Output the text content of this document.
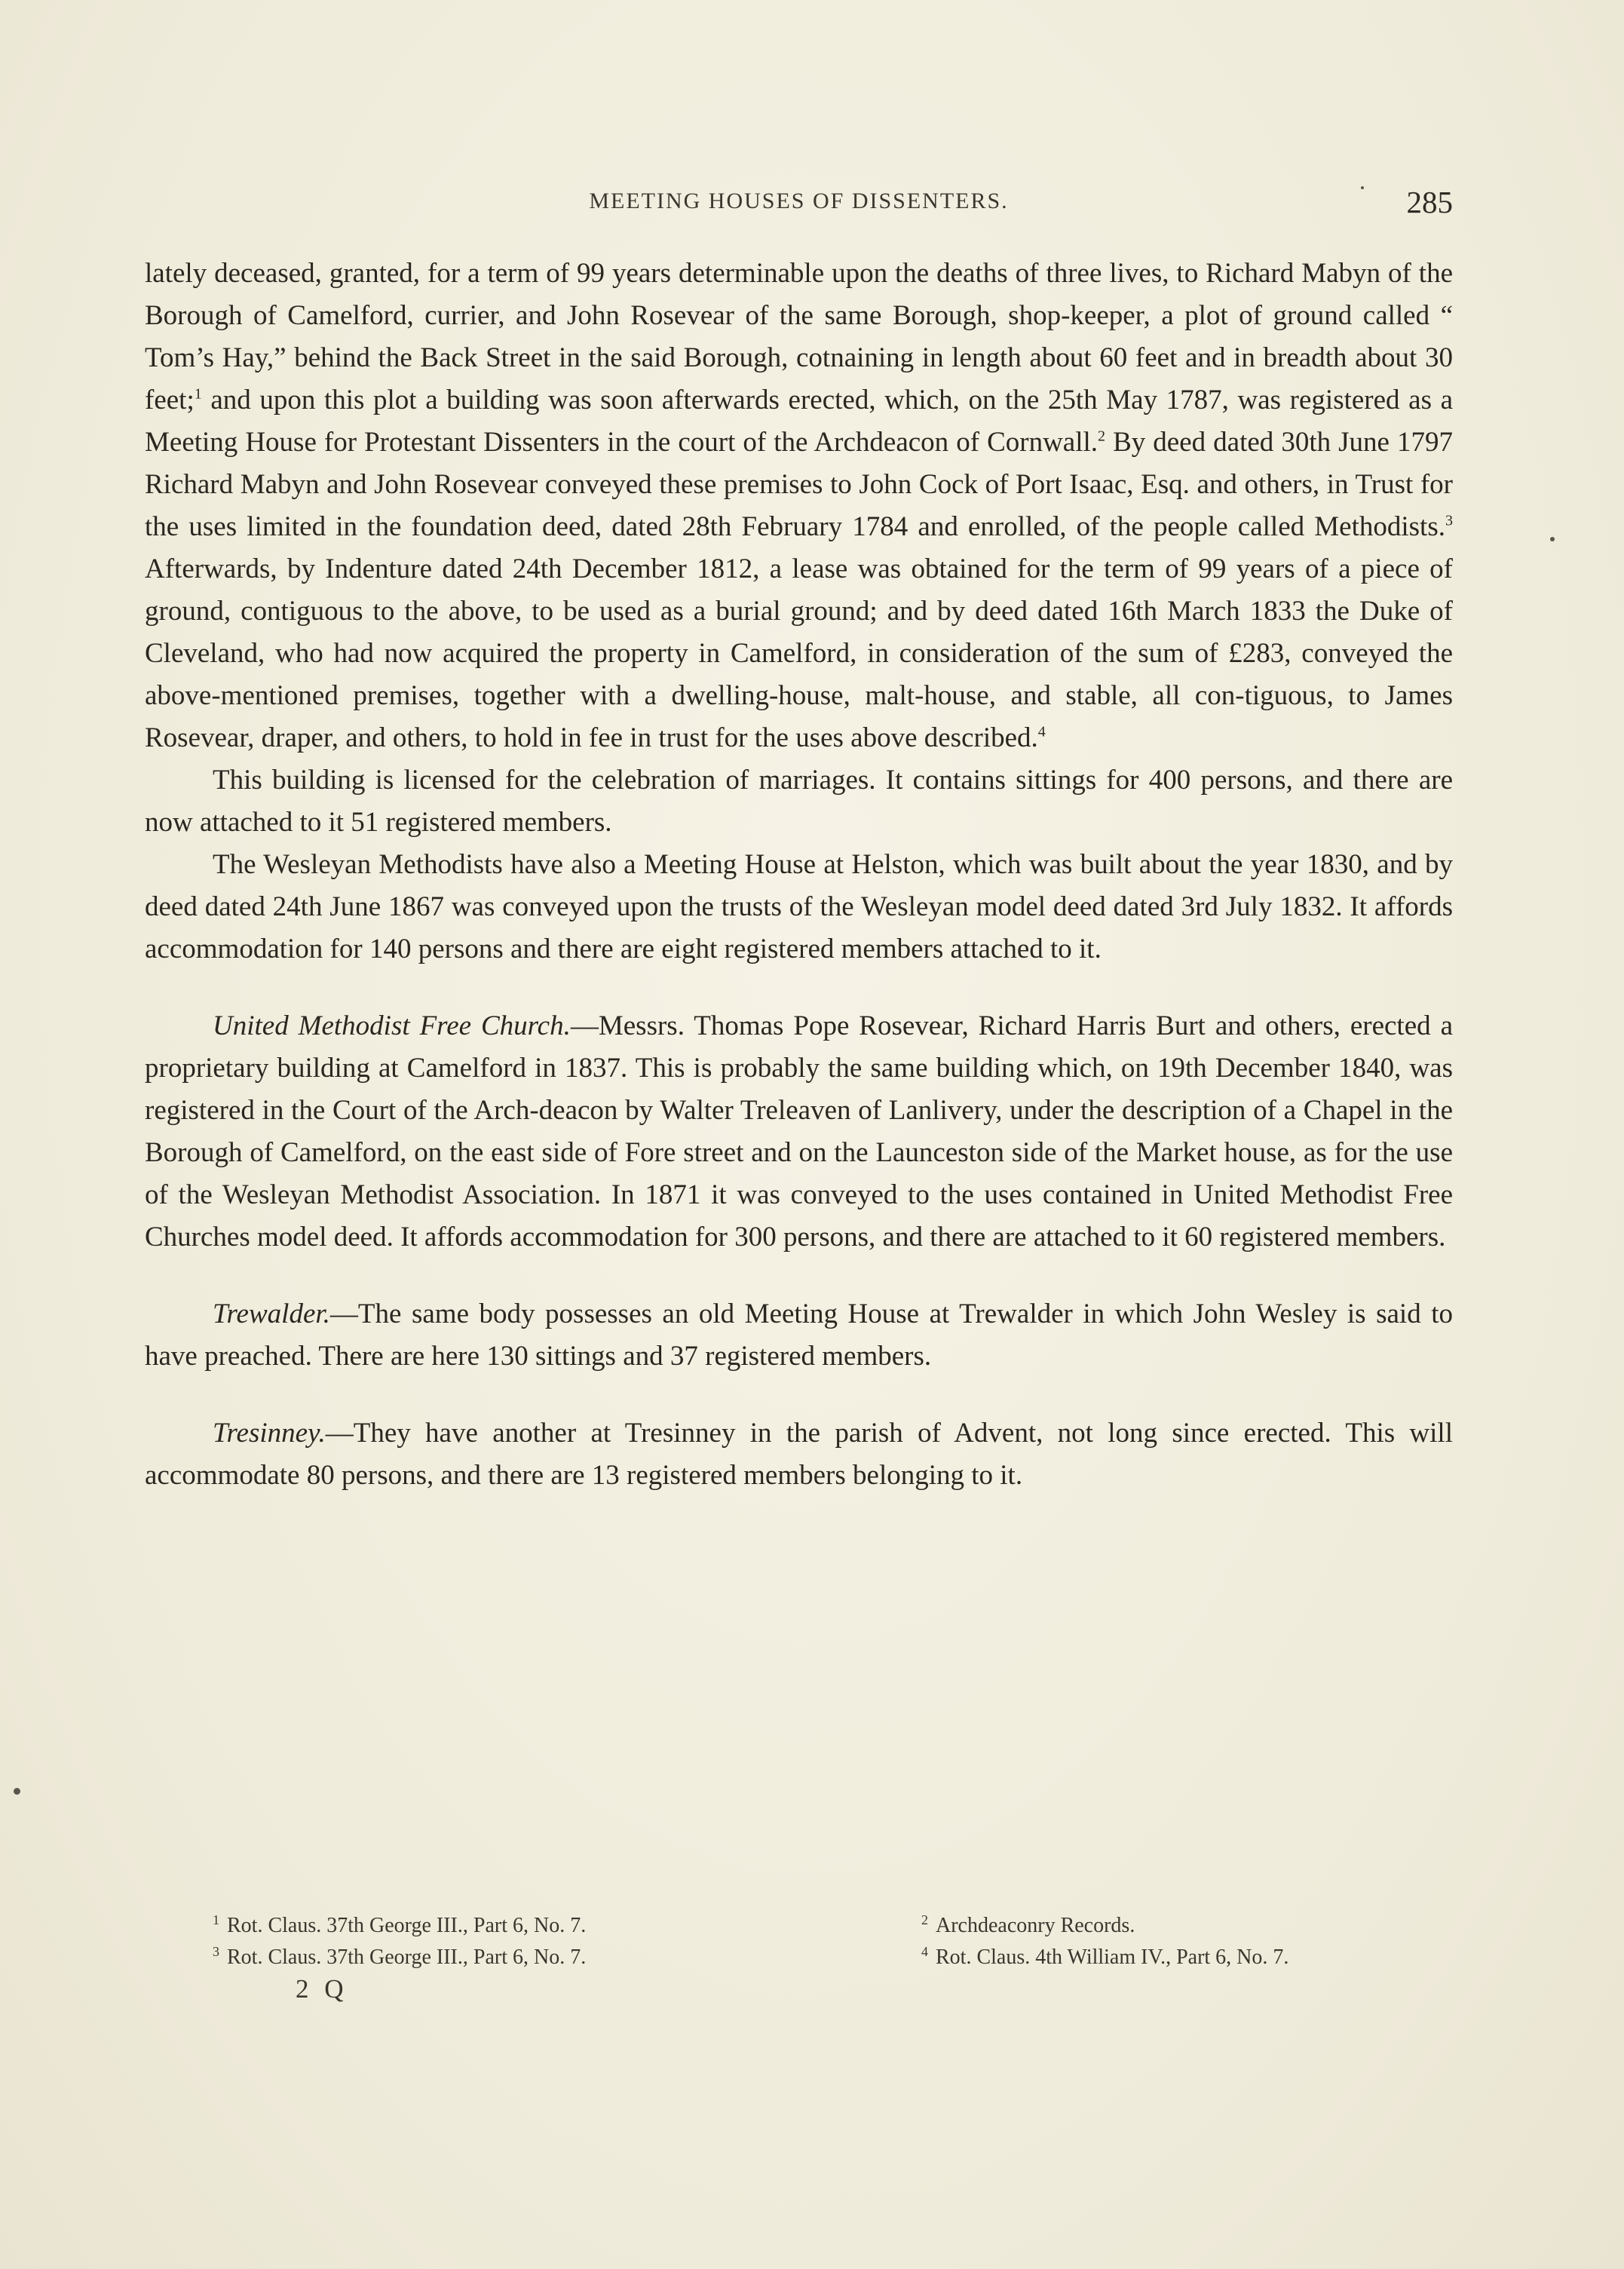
MEETING HOUSES OF DISSENTERS.	285

lately deceased, granted, for a term of 99 years determinable upon the deaths of three lives, to Richard Mabyn of the Borough of Camelford, currier, and John Rosevear of the same Borough, shop-keeper, a plot of ground called “ Tom’s Hay,” behind the Back Street in the said Borough, cotnaining in length about 60 feet and in breadth about 30 feet;$^1$ and upon this plot a building was soon afterwards erected, which, on the 25th May 1787, was registered as a Meeting House for Protestant Dissenters in the court of the Archdeacon of Cornwall.$^2$ By deed dated 30th June 1797 Richard Mabyn and John Rosevear conveyed these premises to John Cock of Port Isaac, Esq. and others, in Trust for the uses limited in the foundation deed, dated 28th February 1784 and enrolled, of the people called Methodists.$^3$ Afterwards, by Indenture dated 24th December 1812, a lease was obtained for the term of 99 years of a piece of ground, contiguous to the above, to be used as a burial ground; and by deed dated 16th March 1833 the Duke of Cleveland, who had now acquired the property in Camelford, in consideration of the sum of £283, conveyed the above-mentioned premises, together with a dwelling-house, malt-house, and stable, all con-tiguous, to James Rosevear, draper, and others, to hold in fee in trust for the uses above described.$^4$

This building is licensed for the celebration of marriages. It contains sittings for 400 persons, and there are now attached to it 51 registered members.

The Wesleyan Methodists have also a Meeting House at Helston, which was built about the year 1830, and by deed dated 24th June 1867 was conveyed upon the trusts of the Wesleyan model deed dated 3rd July 1832. It affords accommodation for 140 persons and there are eight registered members attached to it.

United Methodist Free Church.—Messrs. Thomas Pope Rosevear, Richard Harris Burt and others, erected a proprietary building at Camelford in 1837. This is probably the same building which, on 19th December 1840, was registered in the Court of the Arch-deacon by Walter Treleaven of Lanlivery, under the description of a Chapel in the Borough of Camelford, on the east side of Fore street and on the Launceston side of the Market house, as for the use of the Wesleyan Methodist Association. In 1871 it was conveyed to the uses contained in United Methodist Free Churches model deed. It affords accommodation for 300 persons, and there are attached to it 60 registered members.

Trewalder.—The same body possesses an old Meeting House at Trewalder in which John Wesley is said to have preached. There are here 130 sittings and 37 registered members.

Tresinney.—They have another at Tresinney in the parish of Advent, not long since erected. This will accommodate 80 persons, and there are 13 registered members belonging to it.

$^1$ Rot. Claus. 37th George III., Part 6, No. 7.	$^2$ Archdeaconry Records.
$^3$ Rot. Claus. 37th George III., Part 6, No. 7.	$^4$ Rot. Claus. 4th William IV., Part 6, No. 7.
2 Q
